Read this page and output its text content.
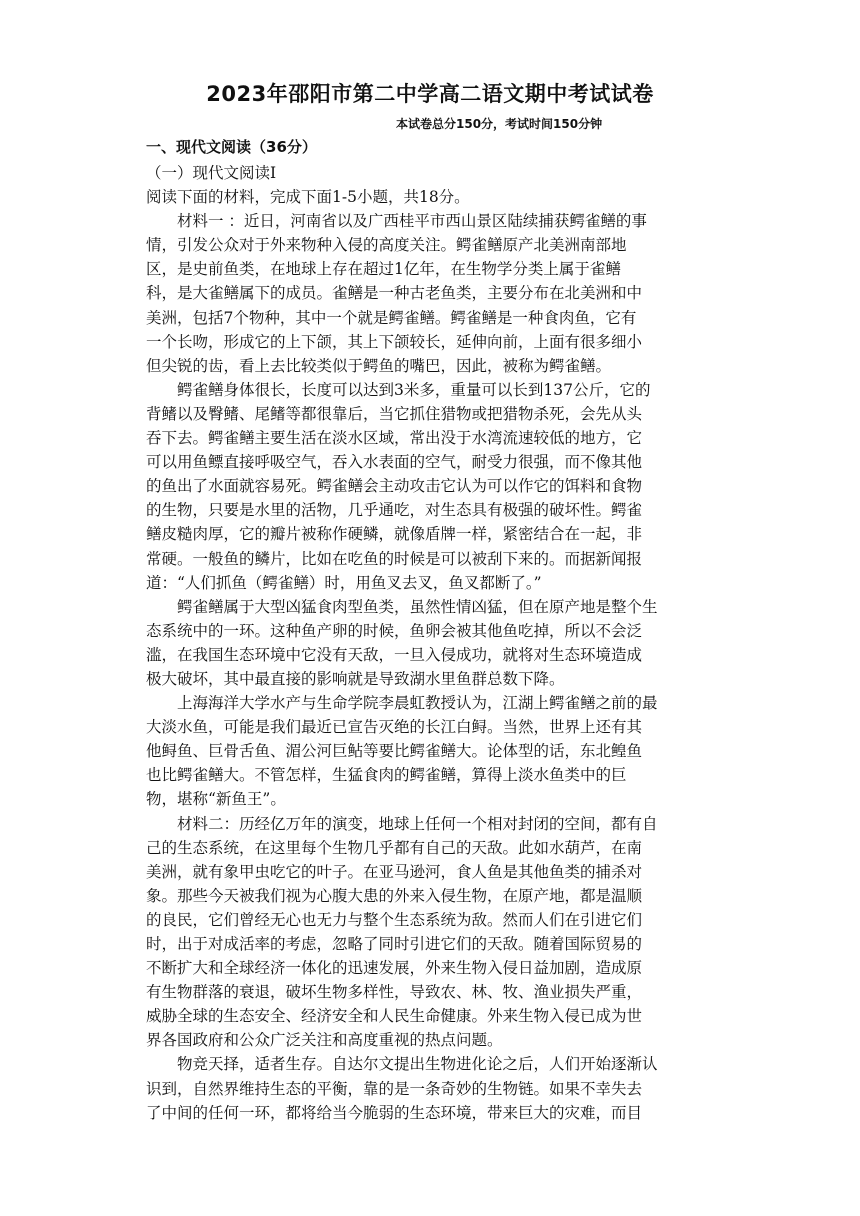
2023年邵阳市第二中学高二语文期中考试试卷
本试卷总分150分，考试时间150分钟
一、现代文阅读（36分）

（一）现代文阅读Ⅰ

阅读下面的材料，完成下面1-5小题，共18分。

材料一 ：近日，河南省以及广西桂平市西山景区陆续捕获鳄雀鳝的事
情，引发公众对于外来物种入侵的高度关注。鳄雀鳝原产北美洲南部地
区，是史前鱼类，在地球上存在超过1亿年，在生物学分类上属于雀鳝
科，是大雀鳝属下的成员。雀鳝是一种古老鱼类，主要分布在北美洲和中
美洲，包括7个物种，其中一个就是鳄雀鳝。鳄雀鳝是一种食肉鱼，它有
一个长吻，形成它的上下颌，其上下颌较长，延伸向前，上面有很多细小
但尖锐的齿，看上去比较类似于鳄鱼的嘴巴，因此，被称为鳄雀鳝。

鳄雀鳝身体很长，长度可以达到3米多，重量可以长到137公斤，它的
背鳍以及臀鳍、尾鳍等都很靠后，当它抓住猎物或把猎物杀死，会先从头
吞下去。鳄雀鳝主要生活在淡水区域，常出没于水湾流速较低的地方，它
可以用鱼鳔直接呼吸空气，吞入水表面的空气，耐受力很强，而不像其他
的鱼出了水面就容易死。鳄雀鳝会主动攻击它认为可以作它的饵料和食物
的生物，只要是水里的活物，几乎通吃，对生态具有极强的破坏性。鳄雀
鳝皮糙肉厚，它的瓣片被称作硬鳞，就像盾牌一样，紧密结合在一起，非
常硬。一般鱼的鳞片，比如在吃鱼的时候是可以被刮下来的。而据新闻报
道：“人们抓鱼（鳄雀鳝）时，用鱼叉去叉，鱼叉都断了。”

鳄雀鳝属于大型凶猛食肉型鱼类，虽然性情凶猛，但在原产地是整个生
态系统中的一环。这种鱼产卵的时候，鱼卵会被其他鱼吃掉，所以不会泛
滥，在我国生态环境中它没有天敌，一旦入侵成功，就将对生态环境造成
极大破坏，其中最直接的影响就是导致湖水里鱼群总数下降。

上海海洋大学水产与生命学院李晨虹教授认为，江湖上鳄雀鳝之前的最
大淡水鱼，可能是我们最近已宣告灭绝的长江白鲟。当然，世界上还有其
他鲟鱼、巨骨舌鱼、湄公河巨鲇等要比鳄雀鳝大。论体型的话，东北鳇鱼
也比鳄雀鳝大。不管怎样，生猛食肉的鳄雀鳝，算得上淡水鱼类中的巨
物，堪称“新鱼王”。

材料二：历经亿万年的演变，地球上任何一个相对封闭的空间，都有自
己的生态系统，在这里每个生物几乎都有自己的天敌。此如水葫芦，在南
美洲，就有象甲虫吃它的叶子。在亚马逊河，食人鱼是其他鱼类的捕杀对
象。那些今天被我们视为心腹大患的外来入侵生物，在原产地，都是温顺
的良民，它们曾经无心也无力与整个生态系统为敌。然而人们在引进它们
时，出于对成活率的考虑，忽略了同时引进它们的天敌。随着国际贸易的
不断扩大和全球经济一体化的迅速发展，外来生物入侵日益加剧，造成原
有生物群落的衰退，破坏生物多样性，导致农、林、牧、渔业损失严重，
威胁全球的生态安全、经济安全和人民生命健康。外来生物入侵已成为世
界各国政府和公众广泛关注和高度重视的热点问题。

物竞天择，适者生存。自达尔文提出生物进化论之后，人们开始逐渐认
识到，自然界维持生态的平衡，靠的是一条奇妙的生物链。如果不幸失去
了中间的任何一环，都将给当今脆弱的生态环境，带来巨大的灾难，而目
